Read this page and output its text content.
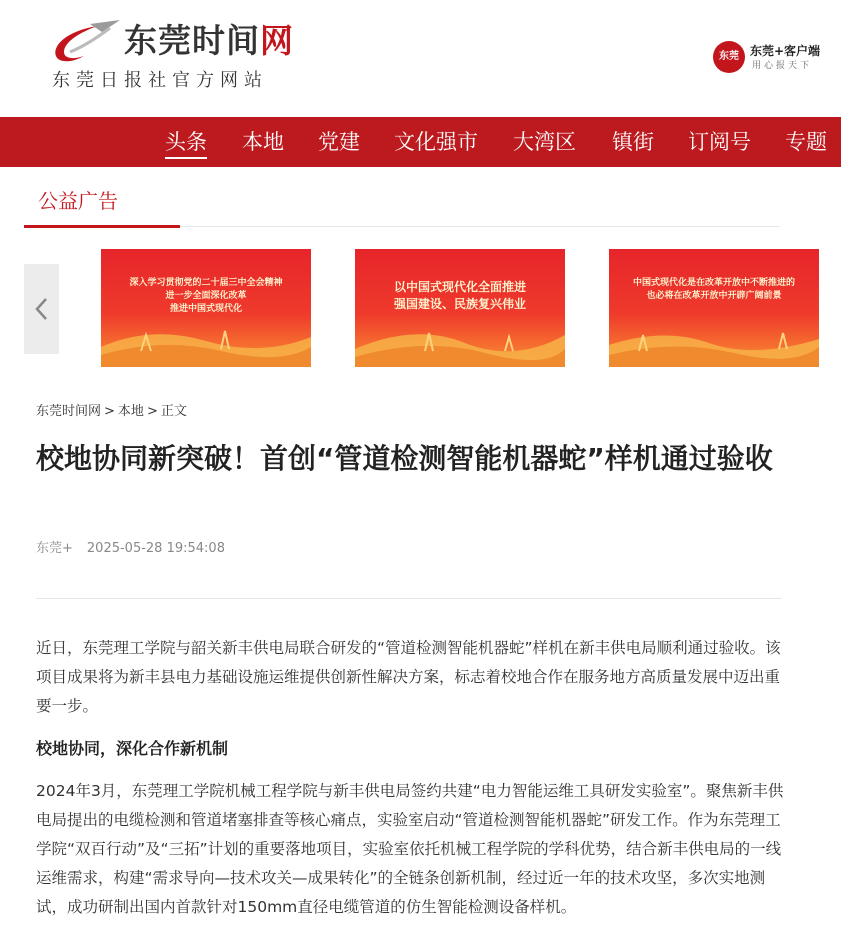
东莞时间网
东莞日报社官方网站
东莞 东莞+客户端
用心报天下
头条 本地 党建 文化强市 大湾区 镇街 订阅号 专题
公益广告
深入学习贯彻党的二十届三中全会精神
进一步全面深化改革
推进中国式现代化
以中国式现代化全面推进
强国建设、民族复兴伟业
中国式现代化是在改革开放中不断推进的
也必将在改革开放中开辟广阔前景
东莞时间网 > 本地 > 正文
校地协同新突破！首创“管道检测智能机器蛇”样机通过验收
东莞+ 2025-05-28 19:54:08

近日，东莞理工学院与韶关新丰供电局联合研发的“管道检测智能机器蛇”样机在新丰供电局顺利通过验收。该项目成果将为新丰县电力基础设施运维提供创新性解决方案，标志着校地合作在服务地方高质量发展中迈出重要一步。

校地协同，深化合作新机制

2024年3月，东莞理工学院机械工程学院与新丰供电局签约共建“电力智能运维工具研发实验室”。聚焦新丰供电局提出的电缆检测和管道堵塞排查等核心痛点，实验室启动“管道检测智能机器蛇”研发工作。作为东莞理工学院“双百行动”及“三拓”计划的重要落地项目，实验室依托机械工程学院的学科优势，结合新丰供电局的一线运维需求，构建“需求导向—技术攻关—成果转化”的全链条创新机制，经过近一年的技术攻坚，多次实地测试，成功研制出国内首款针对150mm直径电缆管道的仿生智能检测设备样机。
